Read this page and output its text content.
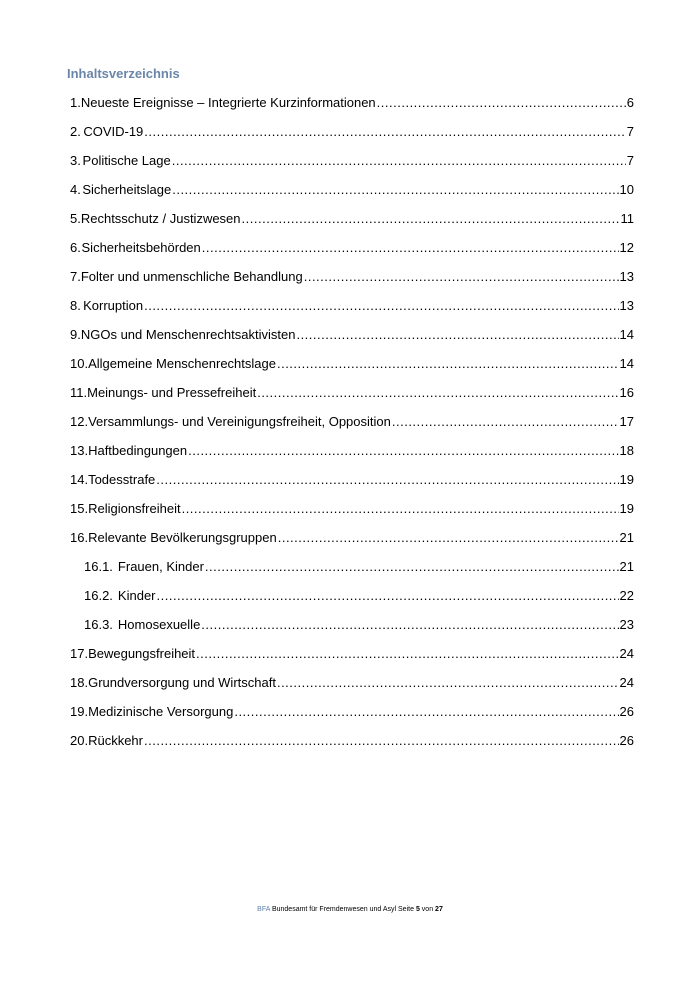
Inhaltsverzeichnis
1. Neueste Ereignisse – Integrierte Kurzinformationen .....	6
2. COVID-19 .....	7
3. Politische Lage .....	7
4. Sicherheitslage .....	10
5. Rechtsschutz / Justizwesen .....	11
6. Sicherheitsbehörden .....	12
7. Folter und unmenschliche Behandlung .....	13
8. Korruption .....	13
9. NGOs und Menschenrechtsaktivisten .....	14
10. Allgemeine Menschenrechtslage .....	14
11. Meinungs- und Pressefreiheit .....	16
12. Versammlungs- und Vereinigungsfreiheit, Opposition .....	17
13. Haftbedingungen .....	18
14. Todesstrafe .....	19
15. Religionsfreiheit .....	19
16. Relevante Bevölkerungsgruppen .....	21
16.1. Frauen, Kinder .....	21
16.2. Kinder .....	22
16.3. Homosexuelle .....	23
17. Bewegungsfreiheit .....	24
18. Grundversorgung und Wirtschaft .....	24
19. Medizinische Versorgung .....	26
20. Rückkehr .....	26
BFA Bundesamt für Fremdenwesen und Asyl Seite 5 von 27
